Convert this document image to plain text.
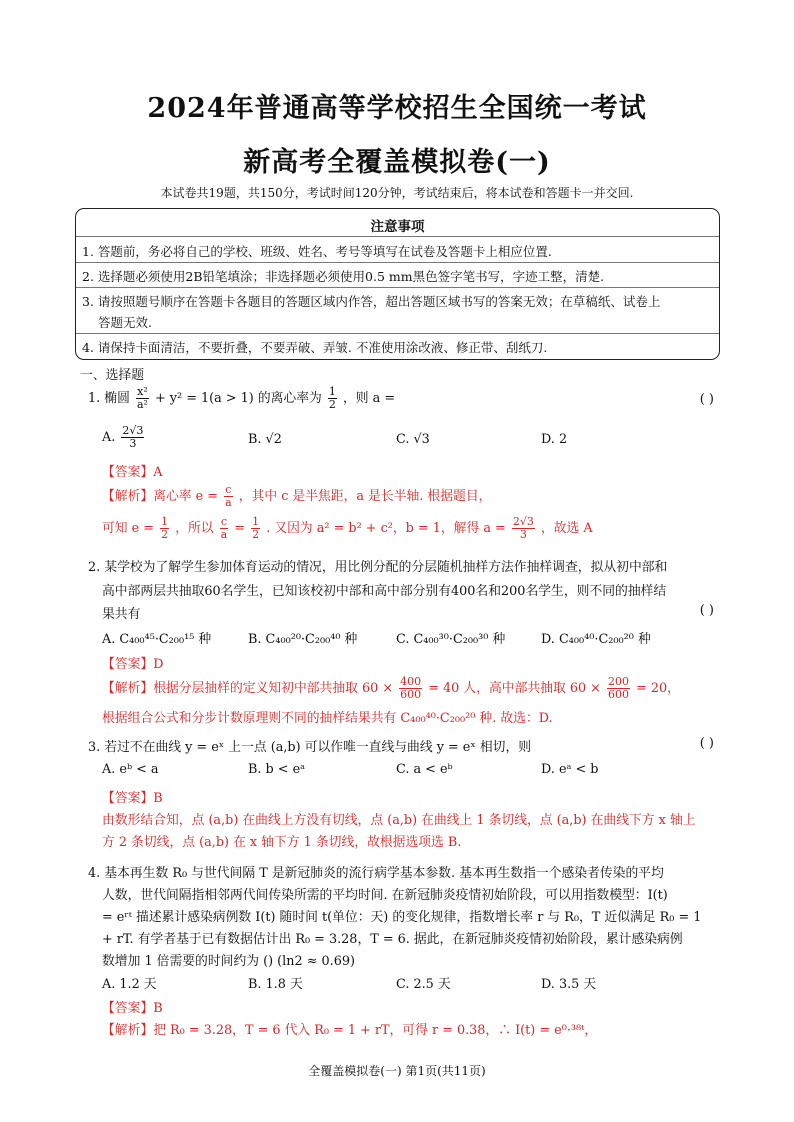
2024年普通高等学校招生全国统一考试
新高考全覆盖模拟卷(一)
本试卷共19题，共150分，考试时间120分钟，考试结束后，将本试卷和答题卡一并交回.
注意事项
1. 答题前，务必将自己的学校、班级、姓名、考号等填写在试卷及答题卡上相应位置.
2. 选择题必须使用2B铅笔填涂；非选择题必须使用0.5 mm黑色签字笔书写，字迹工整，清楚.
3. 请按照题号顺序在答题卡各题目的答题区域内作答，超出答题区域书写的答案无效；在草稿纸、试卷上
答题无效.
4. 请保持卡面清洁，不要折叠，不要弄破、弄皱. 不准使用涂改液、修正带、刮纸刀.
一、选择题
1. 椭圆 $\frac{\text{x²}}{\text{a²}} + y^2 = 1(a > 1)$ 的离心率为 $\frac{1}{2}$ ，则 a =	( )
A. $\frac{2√3}{3}$	B. √2	C. √3	D. 2
【答案】A
【解析】离心率 $e = \frac{c}{a}$ ，其中 c 是半焦距，a 是长半轴. 根据题目，
可知 $e = \frac{1}{2}$ ，所以 $\frac{c}{a} = \frac{1}{2}$ . 又因为 a² = b² + c²，b = 1，解得 $a = \frac{2√3}{3}$ ，故选 A
2. 某学校为了解学生参加体育运动的情况，用比例分配的分层随机抽样方法作抽样调查，拟从初中部和
高中部两层共抽取60名学生，已知该校初中部和高中部分别有400名和200名学生，则不同的抽样结
果共有	( )
A. C₄₀₀⁴⁵·C₂₀₀¹⁵ 种	B. C₄₀₀²⁰·C₂₀₀⁴⁰ 种	C. C₄₀₀³⁰·C₂₀₀³⁰ 种	D. C₄₀₀⁴⁰·C₂₀₀²⁰ 种
【答案】D
【解析】根据分层抽样的定义知初中部共抽取 $60 \times \frac{400}{600} = 40$ 人，高中部共抽取 $60 \times \frac{200}{600} = 20$，
根据组合公式和分步计数原理则不同的抽样结果共有 C₄₀₀⁴⁰·C₂₀₀²⁰ 种. 故选：D.
3. 若过不在曲线 y = eˣ 上一点 (a,b) 可以作唯一直线与曲线 y = eˣ 相切，则	( )
A. eᵇ < a	B. b < eᵃ	C. a < eᵇ	D. eᵃ < b
【答案】B
由数形结合知，点 (a,b) 在曲线上方没有切线，点 (a,b) 在曲线上 1 条切线，点 (a,b) 在曲线下方 x 轴上
方 2 条切线，点 (a,b) 在 x 轴下方 1 条切线，故根据选项选 B.
4. 基本再生数 R₀ 与世代间隔 T 是新冠肺炎的流行病学基本参数. 基本再生数指一个感染者传染的平均
人数，世代间隔指相邻两代间传染所需的平均时间. 在新冠肺炎疫情初始阶段，可以用指数模型：I(t)
= eʳᵗ 描述累计感染病例数 I(t) 随时间 t(单位：天) 的变化规律，指数增长率 r 与 R₀，T 近似满足 R₀ = 1
+ rT. 有学者基于已有数据估计出 R₀ = 3.28，T = 6. 据此，在新冠肺炎疫情初始阶段，累计感染病例
数增加 1 倍需要的时间约为 () (ln2 ≈ 0.69)
A. 1.2 天	B. 1.8 天	C. 2.5 天	D. 3.5 天
【答案】B
【解析】把 R₀ = 3.28，T = 6 代入 R₀ = 1 + rT，可得 r = 0.38，∴ I(t) = e⁰·³⁸ᵗ，
全覆盖模拟卷(一) 第1页(共11页)
